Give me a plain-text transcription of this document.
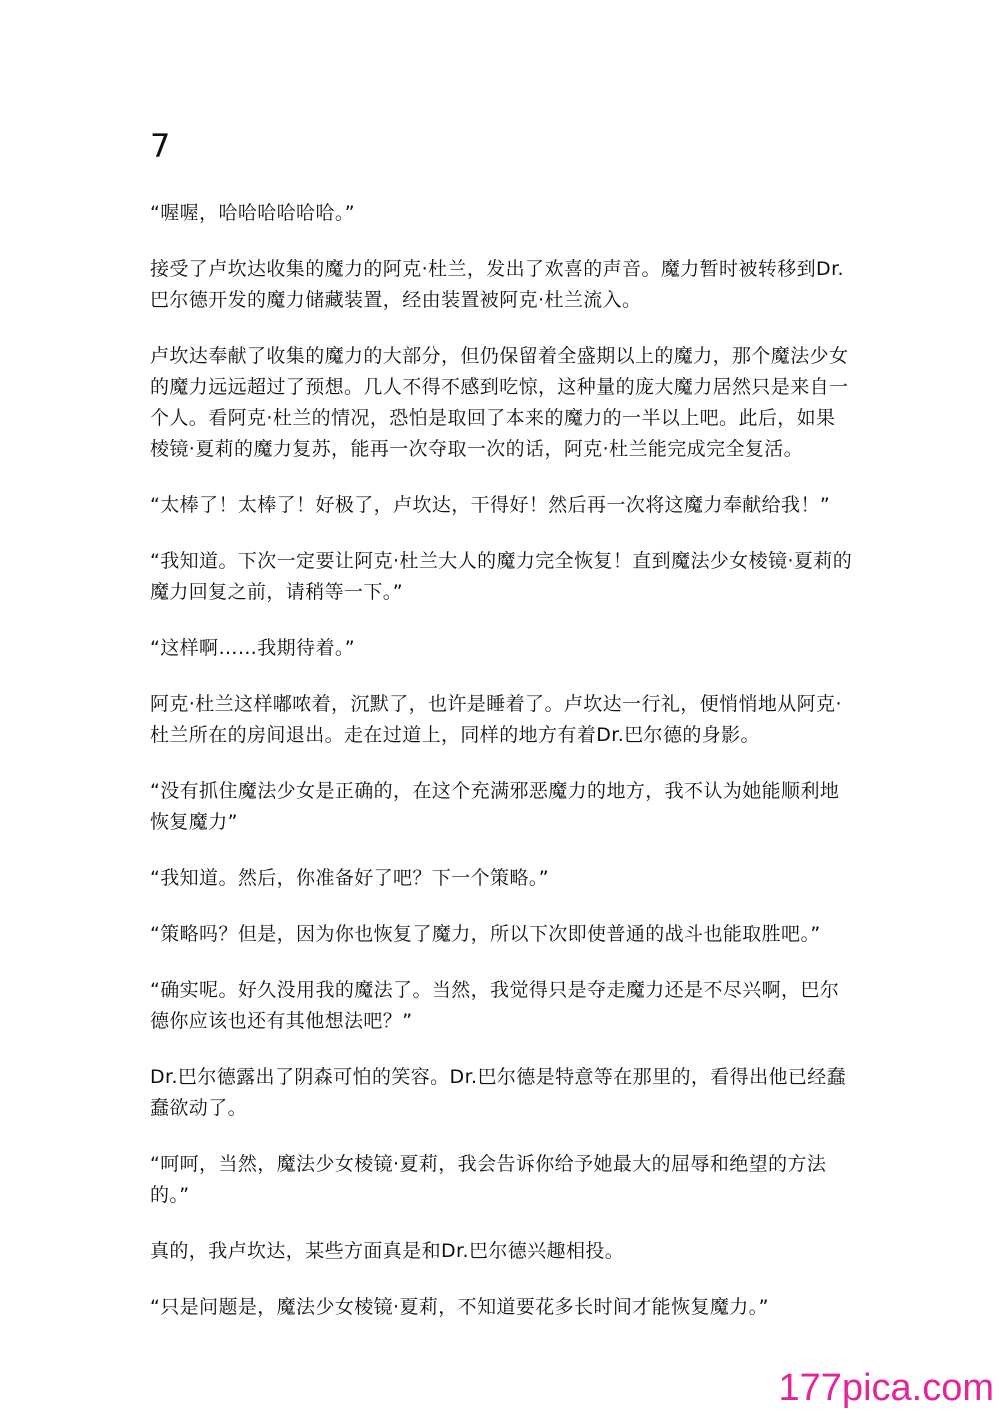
7

“喔喔，哈哈哈哈哈哈。”

接受了卢坎达收集的魔力的阿克·杜兰，发出了欢喜的声音。魔力暂时被转移到Dr.巴尔德开发的魔力储藏装置，经由装置被阿克·杜兰流入。

卢坎达奉献了收集的魔力的大部分，但仍保留着全盛期以上的魔力，那个魔法少女的魔力远远超过了预想。几人不得不感到吃惊，这种量的庞大魔力居然只是来自一个人。看阿克·杜兰的情况，恐怕是取回了本来的魔力的一半以上吧。此后，如果棱镜·夏莉的魔力复苏，能再一次夺取一次的话，阿克·杜兰能完成完全复活。

“太棒了！太棒了！好极了，卢坎达，干得好！然后再一次将这魔力奉献给我！”

“我知道。下次一定要让阿克·杜兰大人的魔力完全恢复！直到魔法少女棱镜·夏莉的魔力回复之前，请稍等一下。”

“这样啊……我期待着。”

阿克·杜兰这样嘟哝着，沉默了，也许是睡着了。卢坎达一行礼，便悄悄地从阿克·杜兰所在的房间退出。走在过道上，同样的地方有着Dr.巴尔德的身影。

“没有抓住魔法少女是正确的，在这个充满邪恶魔力的地方，我不认为她能顺利地恢复魔力”

“我知道。然后，你准备好了吧？下一个策略。”

“策略吗？但是，因为你也恢复了魔力，所以下次即使普通的战斗也能取胜吧。”

“确实呢。好久没用我的魔法了。当然，我觉得只是夺走魔力还是不尽兴啊，巴尔德你应该也还有其他想法吧？”

Dr.巴尔德露出了阴森可怕的笑容。Dr.巴尔德是特意等在那里的，看得出他已经蠢蠢欲动了。

“呵呵，当然，魔法少女棱镜·夏莉，我会告诉你给予她最大的屈辱和绝望的方法的。”

真的，我卢坎达，某些方面真是和Dr.巴尔德兴趣相投。

“只是问题是，魔法少女棱镜·夏莉，不知道要花多长时间才能恢复魔力。”

177pica.com
